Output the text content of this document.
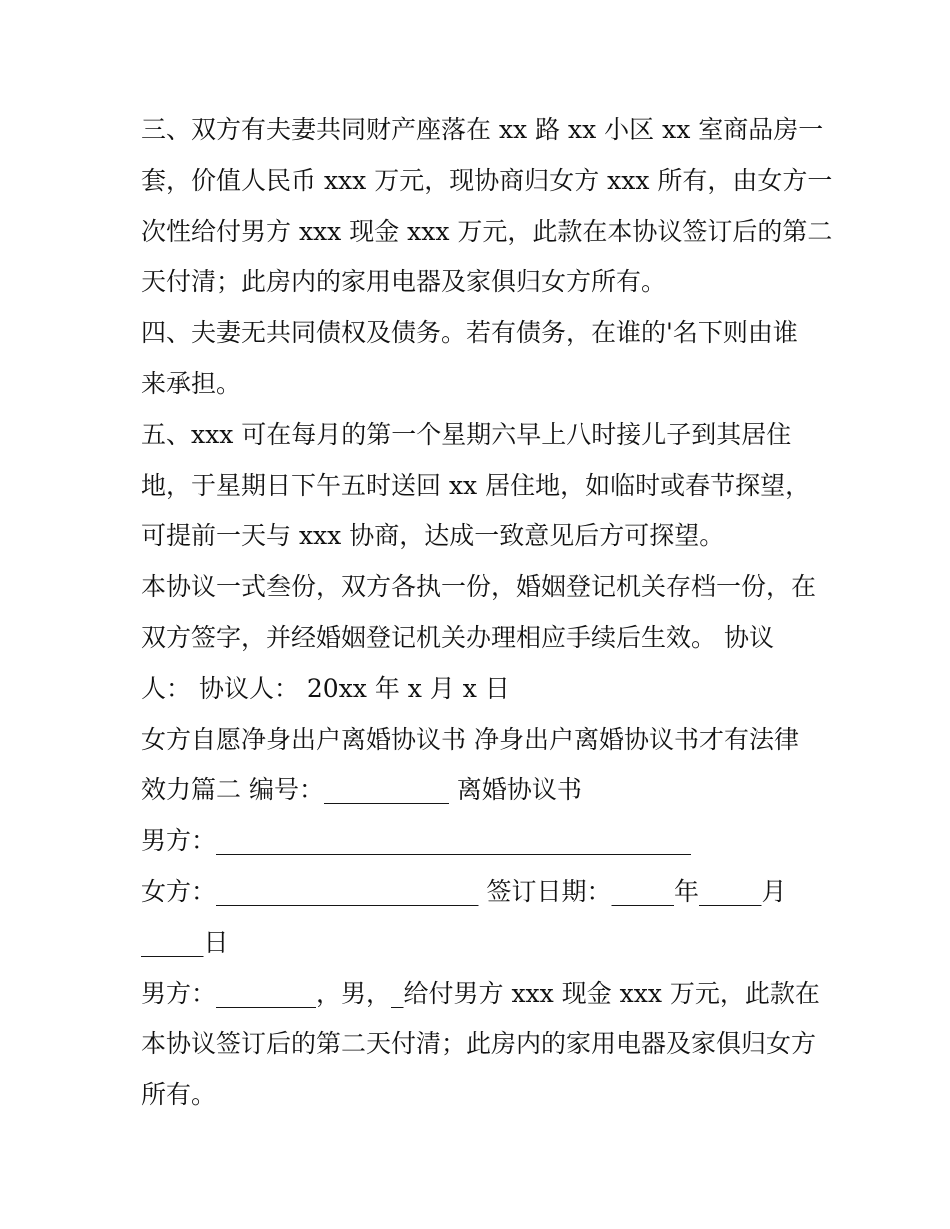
三、双方有夫妻共同财产座落在 xx 路 xx 小区 xx 室商品房一
套，价值人民币 xxx 万元，现协商归女方 xxx 所有，由女方一
次性给付男方 xxx 现金 xxx 万元，此款在本协议签订后的第二
天付清；此房内的家用电器及家俱归女方所有。
四、夫妻无共同债权及债务。若有债务，在谁的'名下则由谁
来承担。
五、xxx 可在每月的第一个星期六早上八时接儿子到其居住
地，于星期日下午五时送回 xx 居住地，如临时或春节探望，
可提前一天与 xxx 协商，达成一致意见后方可探望。
本协议一式叁份，双方各执一份，婚姻登记机关存档一份，在
双方签字，并经婚姻登记机关办理相应手续后生效。 协议
人： 协议人： 20xx 年 x 月 x 日
女方自愿净身出户离婚协议书 净身出户离婚协议书才有法律
效力篇二 编号：__________ 离婚协议书
男方：______________________________________
女方：_____________________ 签订日期：_____年_____月
_____日
男方：________，男，_给付男方 xxx 现金 xxx 万元，此款在
本协议签订后的第二天付清；此房内的家用电器及家俱归女方
所有。
